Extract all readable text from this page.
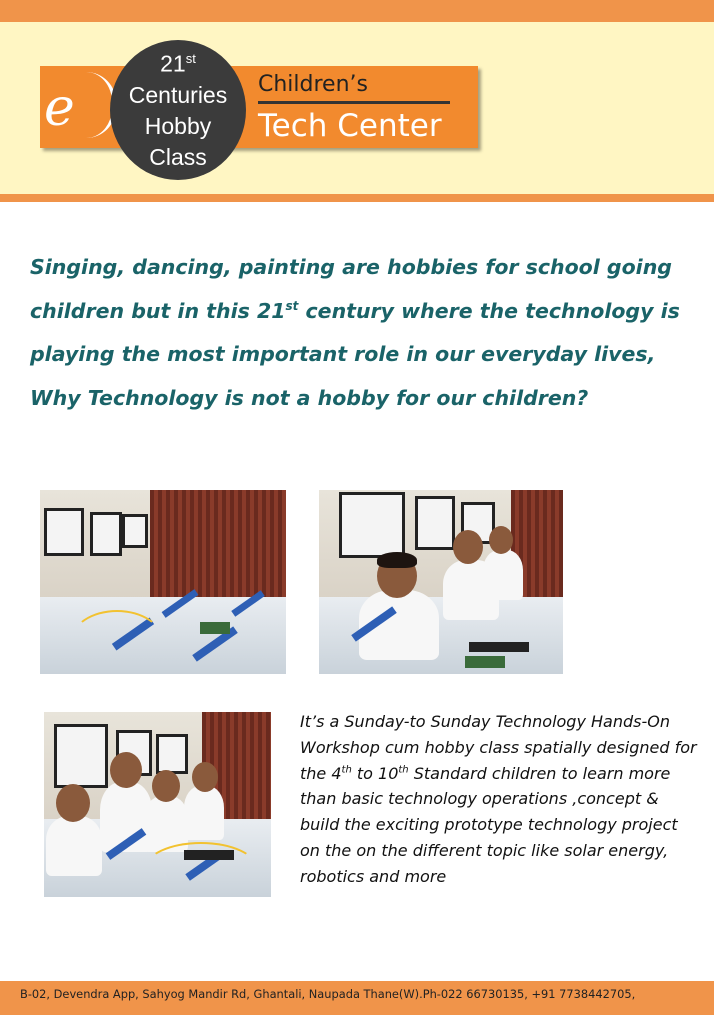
e
21st
Centuries
Hobby
Class
Children’s
Tech Center
Singing, dancing, painting are hobbies for school going children but in this 21st century where the technology is playing the most important role in our everyday lives, Why Technology is not a hobby for our children?
It’s a Sunday-to Sunday Technology Hands-On Workshop cum hobby class spatially designed for the 4th to 10th Standard children to learn more than basic technology operations ,concept & build the exciting prototype technology project on the on the different topic like solar energy, robotics and more
B-02, Devendra App, Sahyog Mandir Rd, Ghantali, Naupada Thane(W).Ph-022 66730135, +91 7738442705,
